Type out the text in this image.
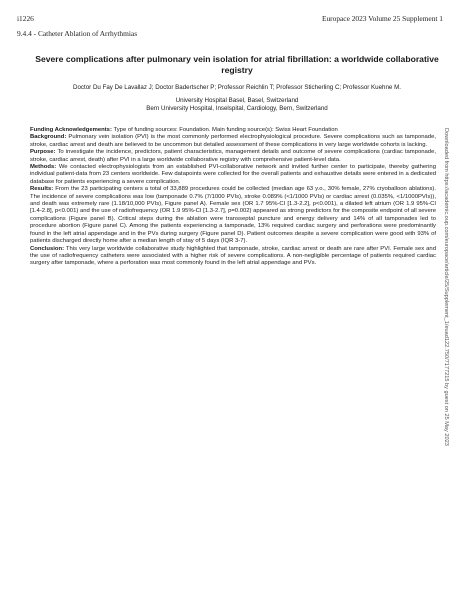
i1226	Europace 2023 Volume 25 Supplement 1
9.4.4 - Catheter Ablation of Arrhythmias
Severe complications after pulmonary vein isolation for atrial fibrillation: a worldwide collaborative registry
Doctor Du Fay De Lavallaz J; Doctor Badertscher P; Professor Reichlin T; Professor Sticherling C; Professor Kuehne M.
University Hospital Basel, Basel, Switzerland
Bern University Hospital, Inselspital, Cardiology, Bern, Switzerland

Funding Acknowledgements: Type of funding sources: Foundation. Main funding source(s): Swiss Heart Foundation

Background: Pulmonary vein isolation (PVI) is the most commonly performed electrophysiological procedure. Severe complications such as tamponade, stroke, cardiac arrest and death are believed to be uncommon but detailed assessment of these complications in very large worldwide cohorts is lacking.

Purpose: To investigate the incidence, predictors, patient characteristics, management details and outcome of severe complications (cardiac tamponade, stroke, cardiac arrest, death) after PVI in a large worldwide collaborative registry with comprehensive patient-level data.

Methods: We contacted electrophysiologists from an established PVI-collaborative network and invited further center to participate, thereby gathering individual patient-data from 23 centers worldwide. Few datapoints were collected for the overall patients and exhaustive details were entered in a dedicated database for patients experiencing a severe complication.

Results: From the 23 participating centers a total of 33,889 procedures could be collected (median age 63 y.o., 30% female, 27% cryoballoon ablations). The incidence of severe complications was low (tamponade 0.7% (7/1000 PVIs), stroke 0.089% (<1/1000 PVIs) or cardiac arrest (0.035%, <1/1000PVIs)), and death was extremely rare (1.18/10,000 PVIs), Figure panel A). Female sex (OR 1.7 95%-CI [1.3-2.2], p<0.001), a dilated left atrium (OR 1.9 95%-CI [1.4-2.8], p<0.001) and the use of radiofrequency (OR 1.9 95%-CI [1.3-2.7], p=0.002) appeared as strong predictors for the composite endpoint of all severe complications (Figure panel B). Critical steps during the ablation were transseptal puncture and energy delivery and 14% of all tamponades led to procedure abortion (Figure panel C). Among the patients experiencing a tamponade, 13% required cardiac surgery and perforations were predominantly found in the left atrial appendage and in the PVs during surgery (Figure panel D). Patient outcomes despite a severe complication were good with 93% of patients discharged directly home after a median length of stay of 5 days (IQR 3-7).

Conclusion: This very large worldwide collaborative study highlighted that tamponade, stroke, cardiac arrest or death are rare after PVI. Female sex and the use of radiofrequency catheters were associated with a higher risk of severe complications. A non-negligible percentage of patients required cardiac surgery after tamponade, where a perforation was most commonly found in the left atrial appendage and PVs.	Downloaded from https://academic.oup.com/europace/article/25/Supplement_1/euad122.750/7177215 by guest on 25 May 2023
